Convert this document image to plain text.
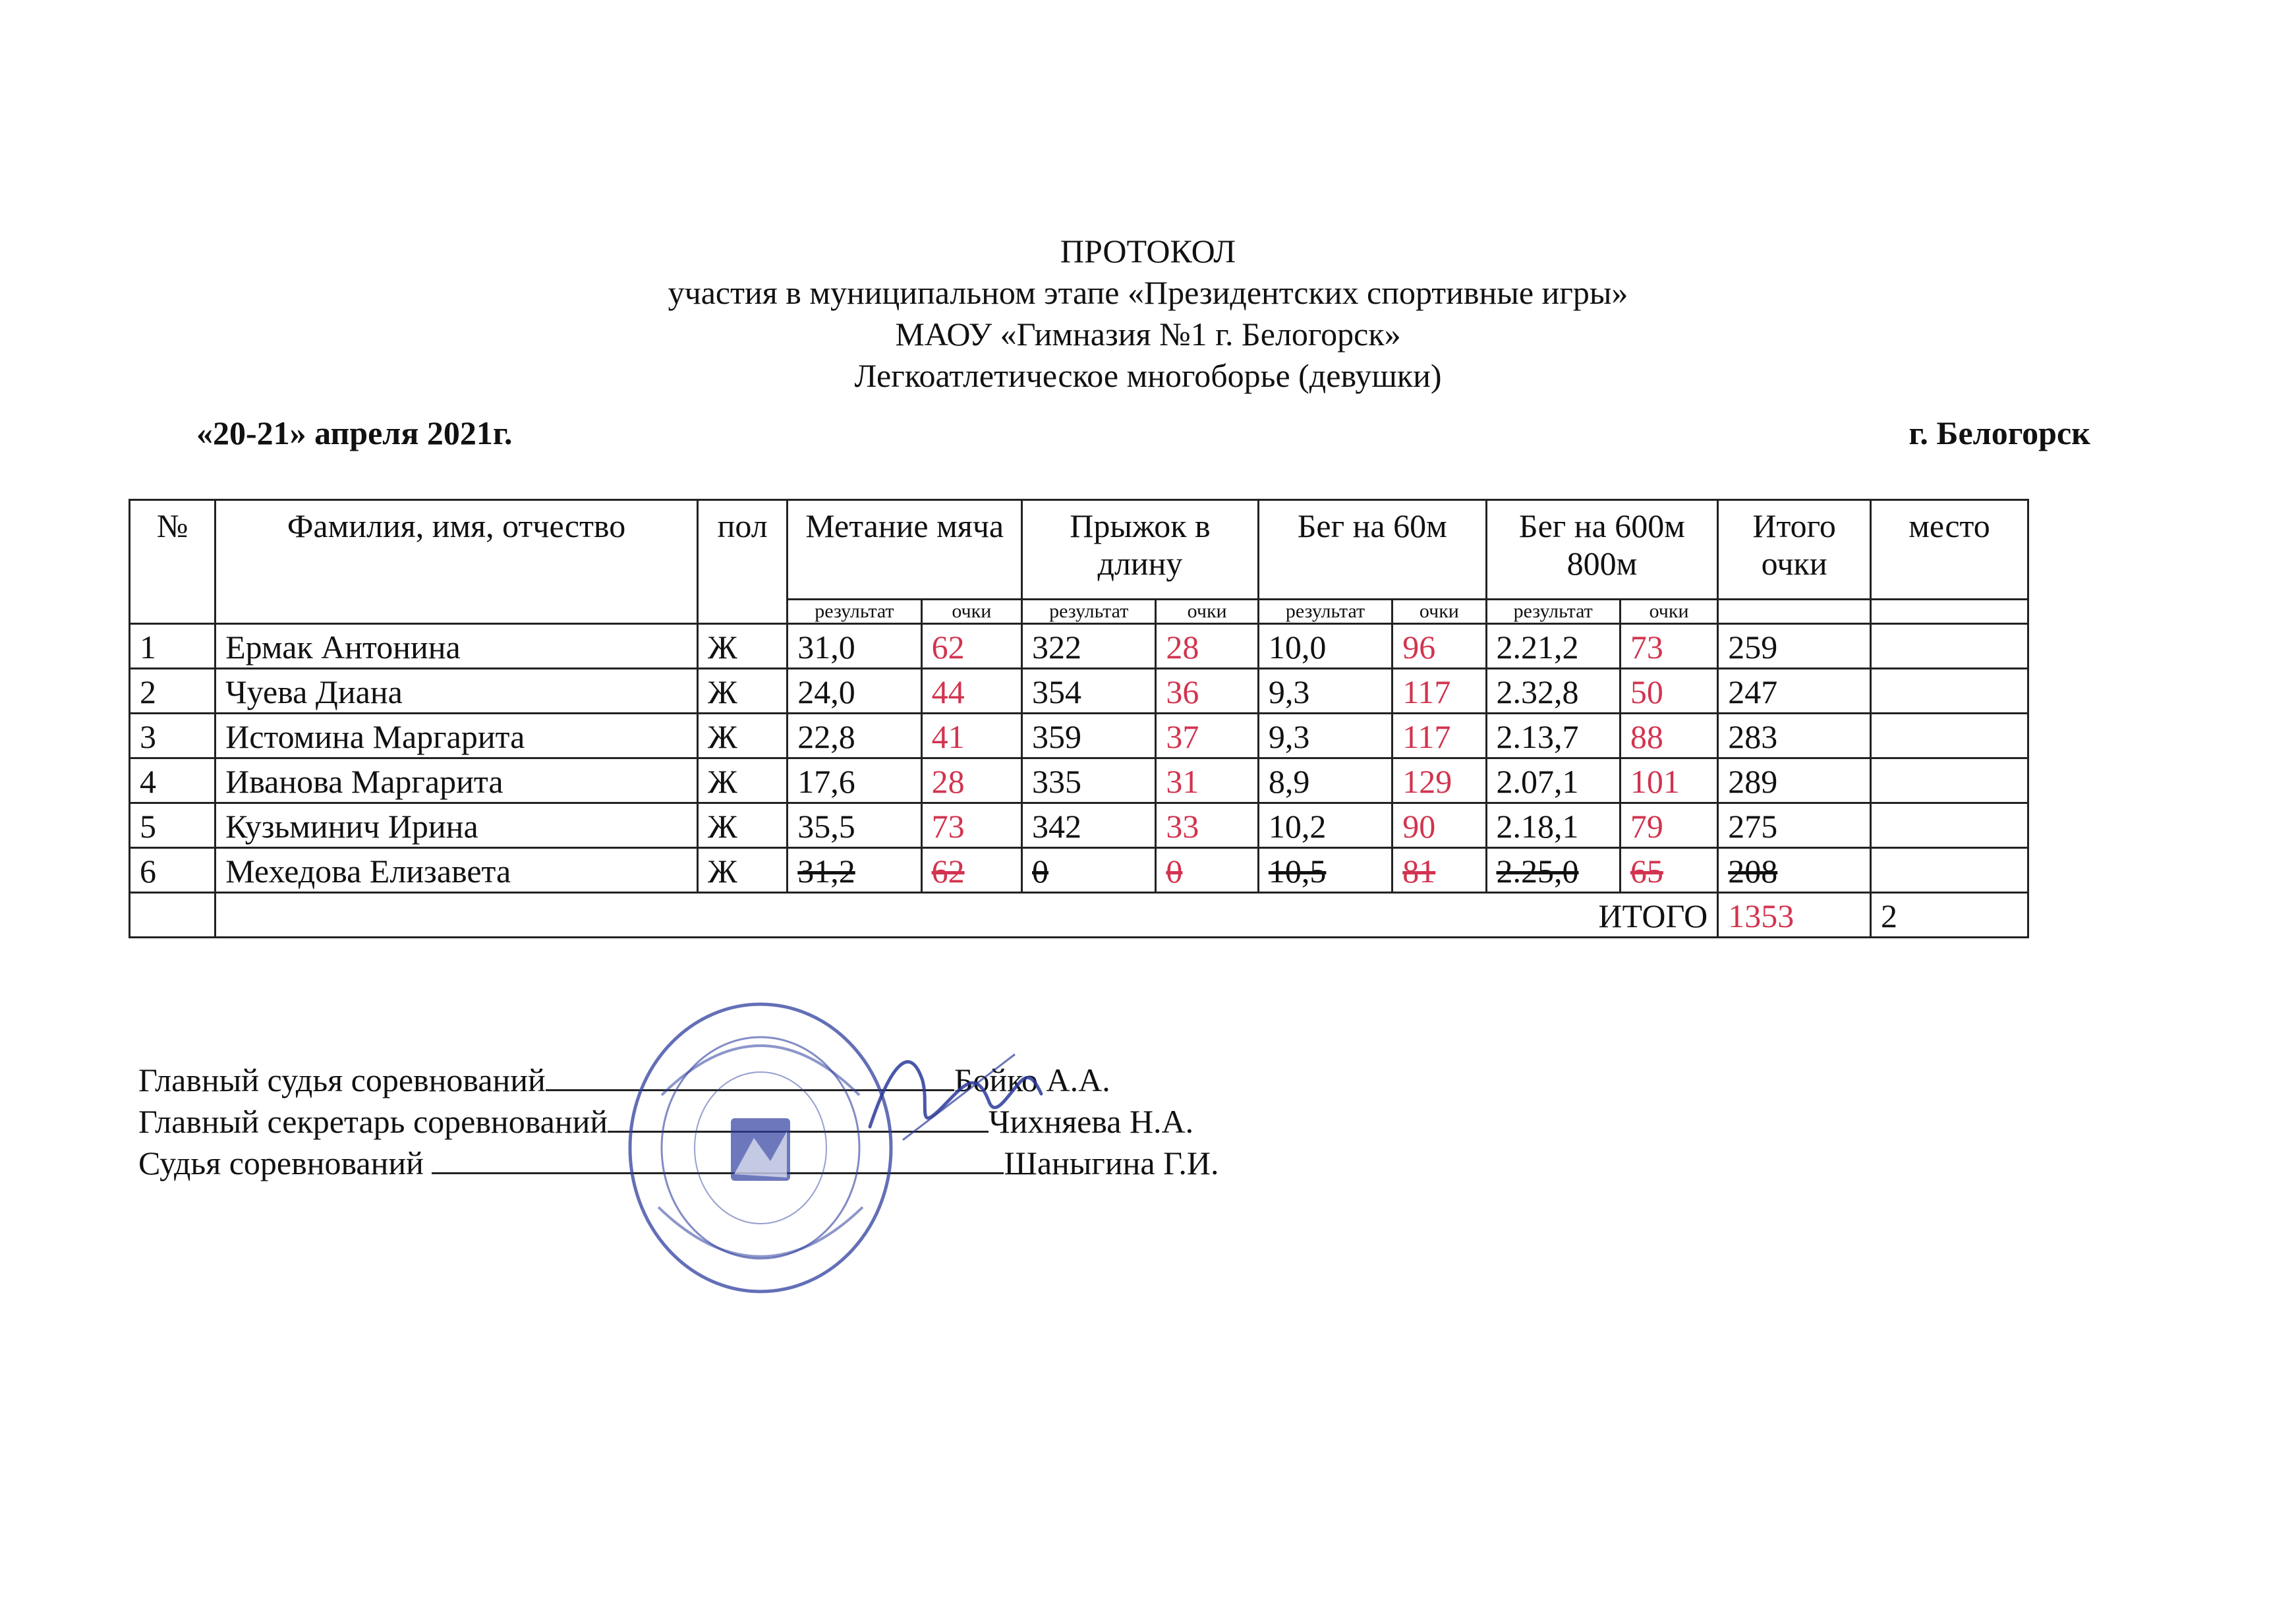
ПРОТОКОЛ
участия в муниципальном этапе «Президентских спортивные игры»
МАОУ «Гимназия №1 г. Белогорск»
Легкоатлетическое многоборье (девушки)
«20-21» апреля 2021г.	г. Белогорск
№	Фамилия, имя, отчество	пол	Метание мяча		Прыжок в длину		Бег на 60м		Бег на 600м 800м		Итого очки	место
			результат	очки	результат	очки	результат	очки	результат	очки		
1	Ермак Антонина	Ж	31,0	62	322	28	10,0	96	2.21,2	73	259	
2	Чуева Диана	Ж	24,0	44	354	36	9,3	117	2.32,8	50	247	
3	Истомина Маргарита	Ж	22,8	41	359	37	9,3	117	2.13,7	88	283	
4	Иванова Маргарита	Ж	17,6	28	335	31	8,9	129	2.07,1	101	289	
5	Кузьминич Ирина	Ж	35,5	73	342	33	10,2	90	2.18,1	79	275	
6	Мехедова Елизавета	Ж	31,2	62	0	0	10,5	81	2.25,0	65	208	
	ИТОГО										1353	2
Главный судья соревнований	Бойко А.А.
Главный секретарь соревнований	Чихняева Н.А.
Судья соревнований	Шаныгина Г.И.
